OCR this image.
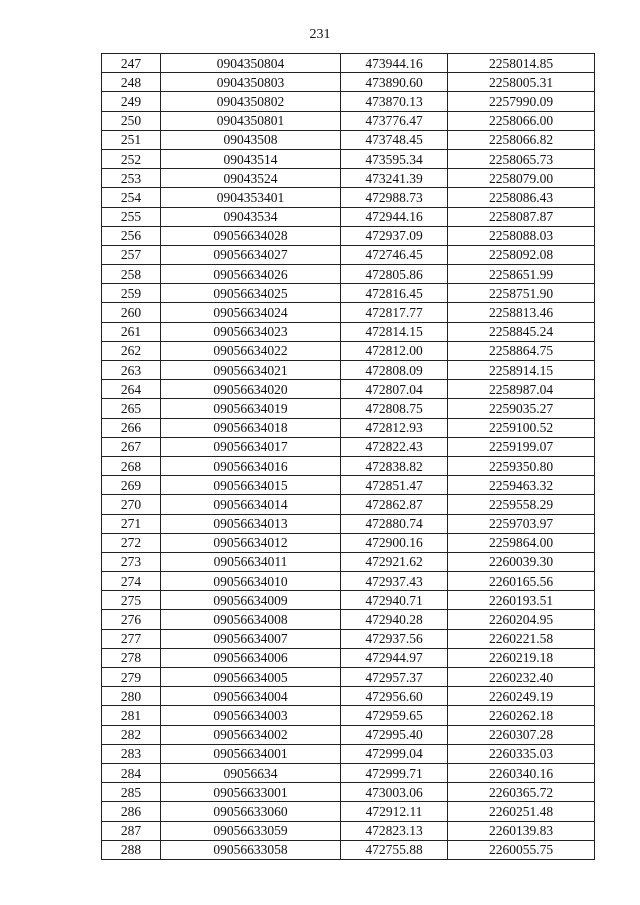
231
247	0904350804	473944.16	2258014.85
248	0904350803	473890.60	2258005.31
249	0904350802	473870.13	2257990.09
250	0904350801	473776.47	2258066.00
251	09043508	473748.45	2258066.82
252	09043514	473595.34	2258065.73
253	09043524	473241.39	2258079.00
254	0904353401	472988.73	2258086.43
255	09043534	472944.16	2258087.87
256	09056634028	472937.09	2258088.03
257	09056634027	472746.45	2258092.08
258	09056634026	472805.86	2258651.99
259	09056634025	472816.45	2258751.90
260	09056634024	472817.77	2258813.46
261	09056634023	472814.15	2258845.24
262	09056634022	472812.00	2258864.75
263	09056634021	472808.09	2258914.15
264	09056634020	472807.04	2258987.04
265	09056634019	472808.75	2259035.27
266	09056634018	472812.93	2259100.52
267	09056634017	472822.43	2259199.07
268	09056634016	472838.82	2259350.80
269	09056634015	472851.47	2259463.32
270	09056634014	472862.87	2259558.29
271	09056634013	472880.74	2259703.97
272	09056634012	472900.16	2259864.00
273	09056634011	472921.62	2260039.30
274	09056634010	472937.43	2260165.56
275	09056634009	472940.71	2260193.51
276	09056634008	472940.28	2260204.95
277	09056634007	472937.56	2260221.58
278	09056634006	472944.97	2260219.18
279	09056634005	472957.37	2260232.40
280	09056634004	472956.60	2260249.19
281	09056634003	472959.65	2260262.18
282	09056634002	472995.40	2260307.28
283	09056634001	472999.04	2260335.03
284	09056634	472999.71	2260340.16
285	09056633001	473003.06	2260365.72
286	09056633060	472912.11	2260251.48
287	09056633059	472823.13	2260139.83
288	09056633058	472755.88	2260055.75
